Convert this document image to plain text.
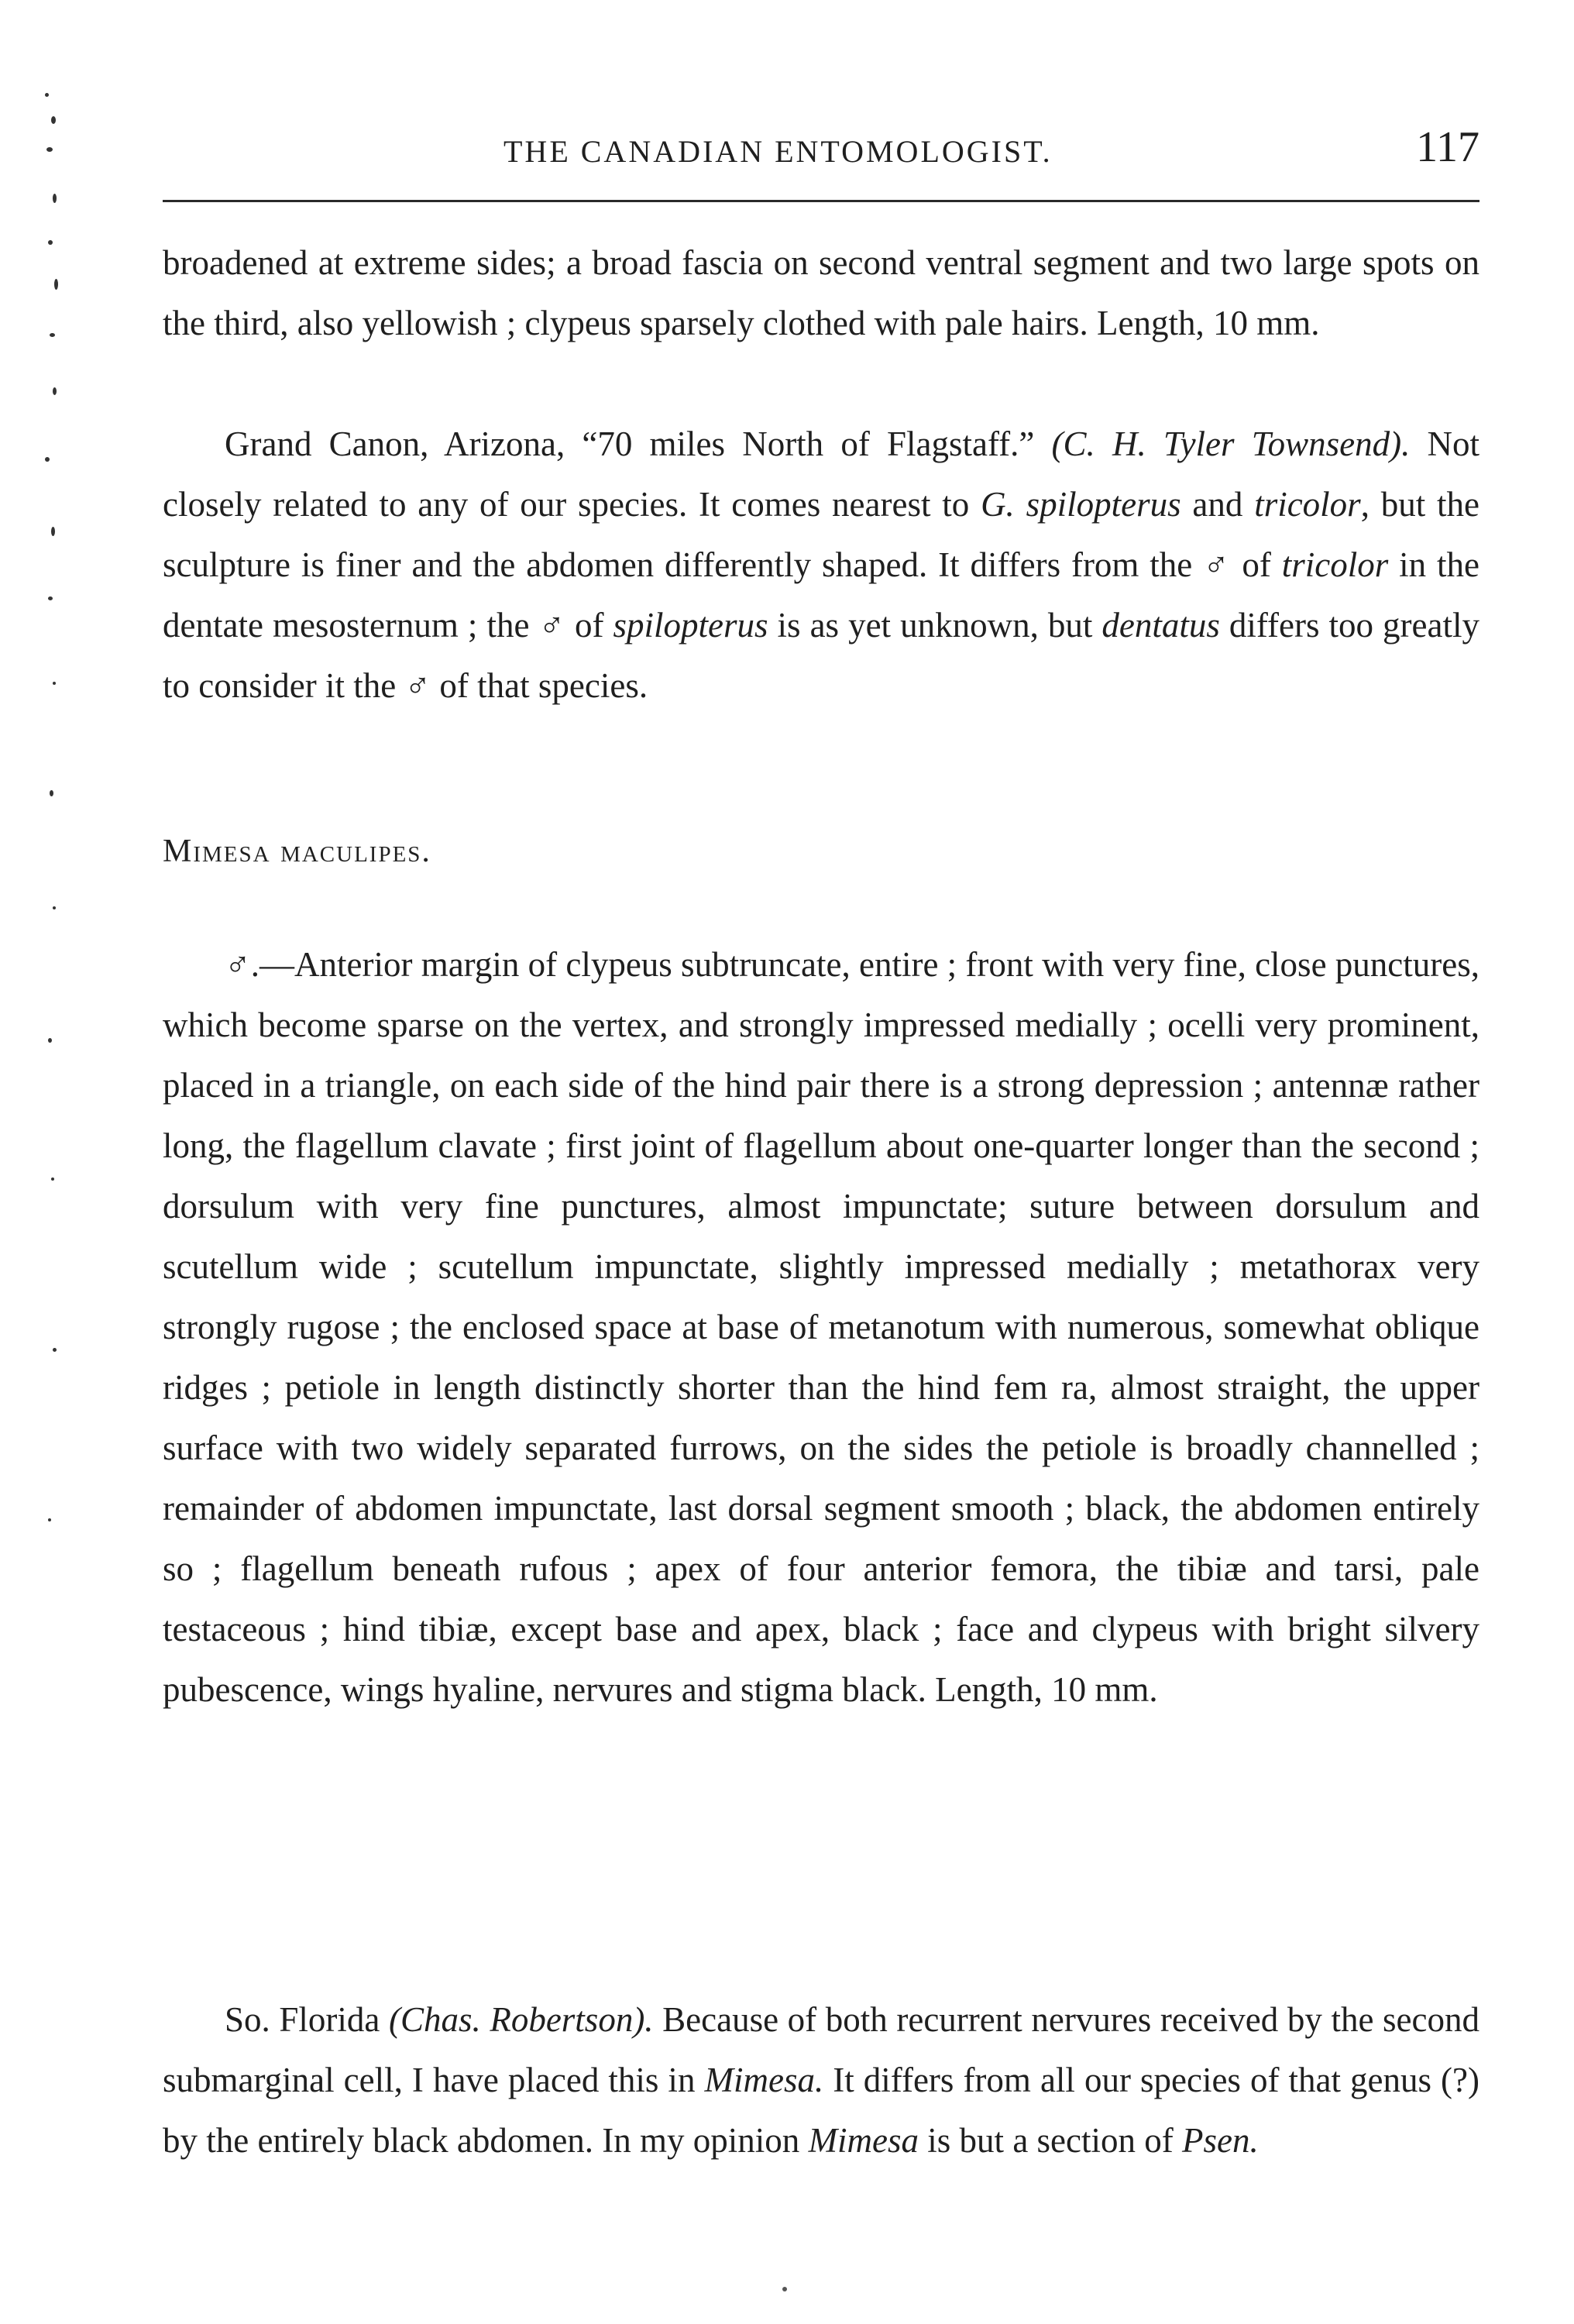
THE CANADIAN ENTOMOLOGIST.	117

broadened at extreme sides; a broad fascia on second ventral segment and two large spots on the third, also yellowish ; clypeus sparsely clothed with pale hairs. Length, 10 mm.

Grand Canon, Arizona, “70 miles North of Flagstaff.” (C. H. Tyler Townsend). Not closely related to any of our species. It comes nearest to G. spilopterus and tricolor, but the sculpture is finer and the abdomen differently shaped. It differs from the ♂ of tricolor in the dentate mesosternum ; the ♂ of spilopterus is as yet unknown, but dentatus differs too greatly to consider it the ♂ of that species.

Mimesa maculipes.

♂.—Anterior margin of clypeus subtruncate, entire ; front with very fine, close punctures, which become sparse on the vertex, and strongly impressed medially ; ocelli very prominent, placed in a triangle, on each side of the hind pair there is a strong depression ; antennæ rather long, the flagellum clavate ; first joint of flagellum about one-quarter longer than the second ; dorsulum with very fine punctures, almost impunctate; suture between dorsulum and scutellum wide ; scutellum impunctate, slightly impressed medially ; metathorax very strongly rugose ; the enclosed space at base of metanotum with numerous, somewhat oblique ridges ; petiole in length distinctly shorter than the hind fem ra, almost straight, the upper surface with two widely separated furrows, on the sides the petiole is broadly channelled ; remainder of abdomen impunctate, last dorsal segment smooth ; black, the abdomen entirely so ; flagellum beneath rufous ; apex of four anterior femora, the tibiæ and tarsi, pale testaceous ; hind tibiæ, except base and apex, black ; face and clypeus with bright silvery pubescence, wings hyaline, nervures and stigma black. Length, 10 mm.

So. Florida (Chas. Robertson). Because of both recurrent nervures received by the second submarginal cell, I have placed this in Mimesa. It differs from all our species of that genus (?) by the entirely black abdomen. In my opinion Mimesa is but a section of Psen.
